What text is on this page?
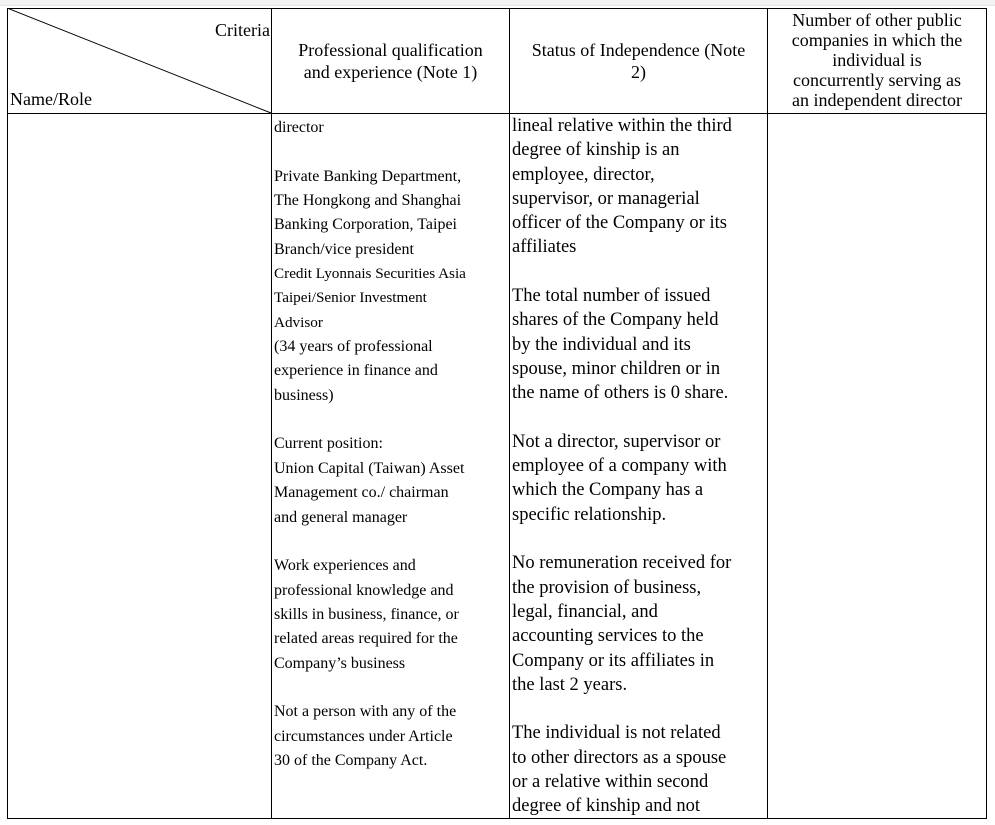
Criteria
Name/Role
Professional qualification
and experience (Note 1)
Status of Independence (Note
2)
Number of other public
companies in which the
individual is
concurrently serving as
an independent director
director
Private Banking Department,
The Hongkong and Shanghai
Banking Corporation, Taipei
Branch/vice president
Credit Lyonnais Securities Asia
Taipei/Senior Investment
Advisor
(34 years of professional
experience in finance and
business)
Current position:
Union Capital (Taiwan) Asset
Management co./ chairman
and general manager
Work experiences and
professional knowledge and
skills in business, finance, or
related areas required for the
Company’s business
Not a person with any of the
circumstances under Article
30 of the Company Act.
lineal relative within the third
degree of kinship is an
employee, director,
supervisor, or managerial
officer of the Company or its
affiliates
The total number of issued
shares of the Company held
by the individual and its
spouse, minor children or in
the name of others is 0 share.
Not a director, supervisor or
employee of a company with
which the Company has a
specific relationship.
No remuneration received for
the provision of business,
legal, financial, and
accounting services to the
Company or its affiliates in
the last 2 years.
The individual is not related
to other directors as a spouse
or a relative within second
degree of kinship and not
